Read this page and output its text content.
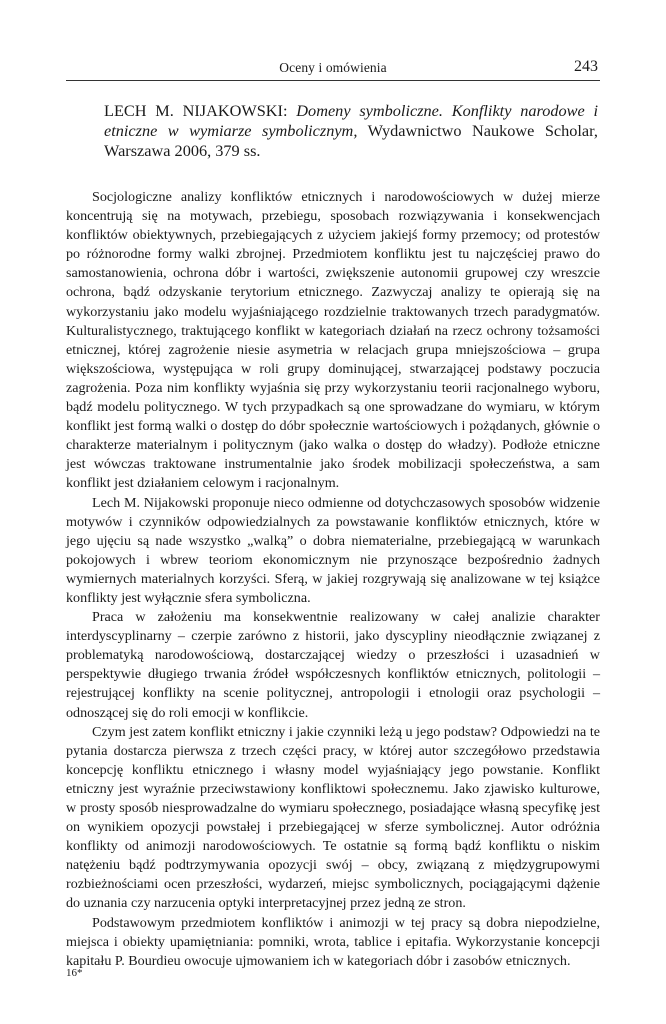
Oceny i omówienia	243
LECH M. NIJAKOWSKI: Domeny symboliczne. Konflikty narodowe i etniczne w wymiarze symbolicznym, Wydawnictwo Naukowe Scholar, Warszawa 2006, 379 ss.

Socjologiczne analizy konfliktów etnicznych i narodowościowych w dużej mierze koncentrują się na motywach, przebiegu, sposobach rozwiązywania i konsekwencjach konfliktów obiektywnych, przebiegających z użyciem jakiejś formy przemocy; od protestów po różnorodne formy walki zbrojnej. Przedmiotem konfliktu jest tu najczęściej prawo do samostanowienia, ochrona dóbr i wartości, zwiększenie autonomii grupowej czy wreszcie ochrona, bądź odzyskanie terytorium etnicznego. Zazwyczaj analizy te opierają się na wykorzystaniu jako modelu wyjaśniającego rozdzielnie traktowanych trzech paradygmatów. Kulturalistycznego, traktującego konflikt w kategoriach działań na rzecz ochrony tożsamości etnicznej, której zagrożenie niesie asymetria w relacjach grupa mniejszościowa – grupa większościowa, występująca w roli grupy dominującej, stwarzającej podstawy poczucia zagrożenia. Poza nim konflikty wyjaśnia się przy wykorzystaniu teorii racjonalnego wyboru, bądź modelu politycznego. W tych przypadkach są one sprowadzane do wymiaru, w którym konflikt jest formą walki o dostęp do dóbr społecznie wartościowych i pożądanych, głównie o charakterze materialnym i politycznym (jako walka o dostęp do władzy). Podłoże etniczne jest wówczas traktowane instrumentalnie jako środek mobilizacji społeczeństwa, a sam konflikt jest działaniem celowym i racjonalnym.

Lech M. Nijakowski proponuje nieco odmienne od dotychczasowych sposobów widzenie motywów i czynników odpowiedzialnych za powstawanie konfliktów etnicznych, które w jego ujęciu są nade wszystko „walką” o dobra niematerialne, przebiegającą w warunkach pokojowych i wbrew teoriom ekonomicznym nie przynoszące bezpośrednio żadnych wymiernych materialnych korzyści. Sferą, w jakiej rozgrywają się analizowane w tej książce konflikty jest wyłącznie sfera symboliczna.

Praca w założeniu ma konsekwentnie realizowany w całej analizie charakter interdyscyplinarny – czerpie zarówno z historii, jako dyscypliny nieodłącznie związanej z problematyką narodowościową, dostarczającej wiedzy o przeszłości i uzasadnień w perspektywie długiego trwania źródeł współczesnych konfliktów etnicznych, politologii – rejestrującej konflikty na scenie politycznej, antropologii i etnologii oraz psychologii – odnoszącej się do roli emocji w konflikcie.

Czym jest zatem konflikt etniczny i jakie czynniki leżą u jego podstaw? Odpowiedzi na te pytania dostarcza pierwsza z trzech części pracy, w której autor szczegółowo przedstawia koncepcję konfliktu etnicznego i własny model wyjaśniający jego powstanie. Konflikt etniczny jest wyraźnie przeciwstawiony konfliktowi społecznemu. Jako zjawisko kulturowe, w prosty sposób niesprowadzalne do wymiaru społecznego, posiadające własną specyfikę jest on wynikiem opozycji powstałej i przebiegającej w sferze symbolicznej. Autor odróżnia konflikty od animozji narodowościowych. Te ostatnie są formą bądź konfliktu o niskim natężeniu bądź podtrzymywania opozycji swój – obcy, związaną z międzygrupowymi rozbieżnościami ocen przeszłości, wydarzeń, miejsc symbolicznych, pociągającymi dążenie do uznania czy narzucenia optyki interpretacyjnej przez jedną ze stron.

Podstawowym przedmiotem konfliktów i animozji w tej pracy są dobra niepodzielne, miejsca i obiekty upamiętniania: pomniki, wrota, tablice i epitafia. Wykorzystanie koncepcji kapitału P. Bourdieu owocuje ujmowaniem ich w kategoriach dóbr i zasobów etnicznych.

16*
